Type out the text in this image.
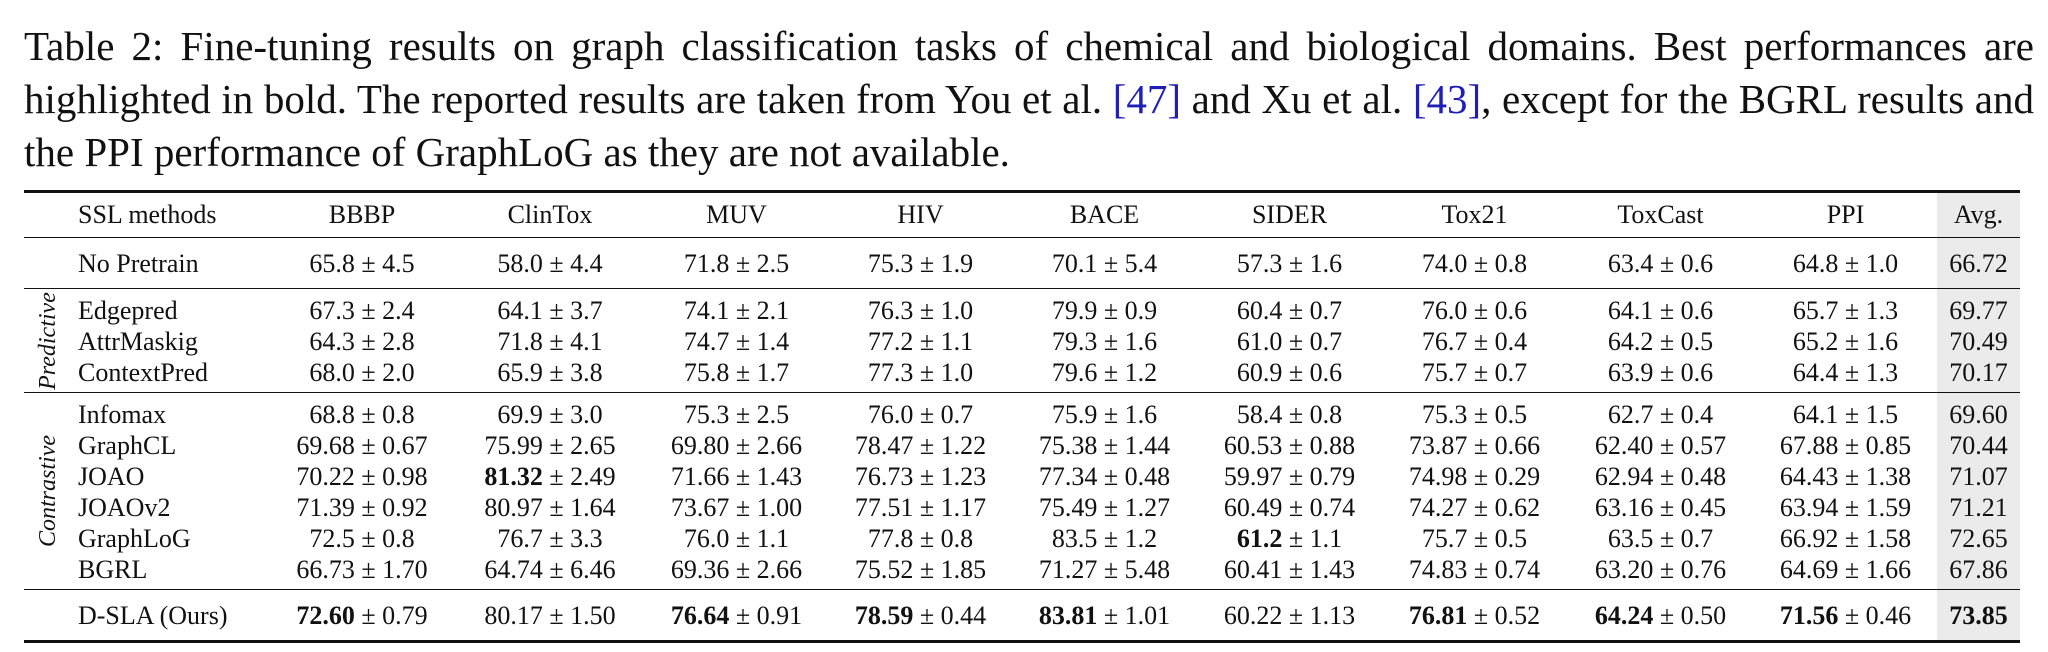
Table 2: Fine-tuning results on graph classification tasks of chemical and biological domains. Best performances are highlighted in bold. The reported results are taken from You et al. [47] and Xu et al. [43], except for the BGRL results and the PPI performance of GraphLoG as they are not available.
	SSL methods	BBBP	ClinTox	MUV	HIV	BACE	SIDER	Tox21	ToxCast	PPI	Avg.

	No Pretrain	65.8 ± 4.5	58.0 ± 4.4	71.8 ± 2.5	75.3 ± 1.9	70.1 ± 5.4	57.3 ± 1.6	74.0 ± 0.8	63.4 ± 0.6	64.8 ± 1.0	66.72

Predictive	Edgepred	67.3 ± 2.4	64.1 ± 3.7	74.1 ± 2.1	76.3 ± 1.0	79.9 ± 0.9	60.4 ± 0.7	76.0 ± 0.6	64.1 ± 0.6	65.7 ± 1.3	69.77
	AttrMaskig	64.3 ± 2.8	71.8 ± 4.1	74.7 ± 1.4	77.2 ± 1.1	79.3 ± 1.6	61.0 ± 0.7	76.7 ± 0.4	64.2 ± 0.5	65.2 ± 1.6	70.49
	ContextPred	68.0 ± 2.0	65.9 ± 3.8	75.8 ± 1.7	77.3 ± 1.0	79.6 ± 1.2	60.9 ± 0.6	75.7 ± 0.7	63.9 ± 0.6	64.4 ± 1.3	70.17

Contrastive	Infomax	68.8 ± 0.8	69.9 ± 3.0	75.3 ± 2.5	76.0 ± 0.7	75.9 ± 1.6	58.4 ± 0.8	75.3 ± 0.5	62.7 ± 0.4	64.1 ± 1.5	69.60
	GraphCL	69.68 ± 0.67	75.99 ± 2.65	69.80 ± 2.66	78.47 ± 1.22	75.38 ± 1.44	60.53 ± 0.88	73.87 ± 0.66	62.40 ± 0.57	67.88 ± 0.85	70.44
	JOAO	70.22 ± 0.98	81.32 ± 2.49	71.66 ± 1.43	76.73 ± 1.23	77.34 ± 0.48	59.97 ± 0.79	74.98 ± 0.29	62.94 ± 0.48	64.43 ± 1.38	71.07
	JOAOv2	71.39 ± 0.92	80.97 ± 1.64	73.67 ± 1.00	77.51 ± 1.17	75.49 ± 1.27	60.49 ± 0.74	74.27 ± 0.62	63.16 ± 0.45	63.94 ± 1.59	71.21
	GraphLoG	72.5 ± 0.8	76.7 ± 3.3	76.0 ± 1.1	77.8 ± 0.8	83.5 ± 1.2	61.2 ± 1.1	75.7 ± 0.5	63.5 ± 0.7	66.92 ± 1.58	72.65
	BGRL	66.73 ± 1.70	64.74 ± 6.46	69.36 ± 2.66	75.52 ± 1.85	71.27 ± 5.48	60.41 ± 1.43	74.83 ± 0.74	63.20 ± 0.76	64.69 ± 1.66	67.86

	D-SLA (Ours)	72.60 ± 0.79	80.17 ± 1.50	76.64 ± 0.91	78.59 ± 0.44	83.81 ± 1.01	60.22 ± 1.13	76.81 ± 0.52	64.24 ± 0.50	71.56 ± 0.46	73.85
